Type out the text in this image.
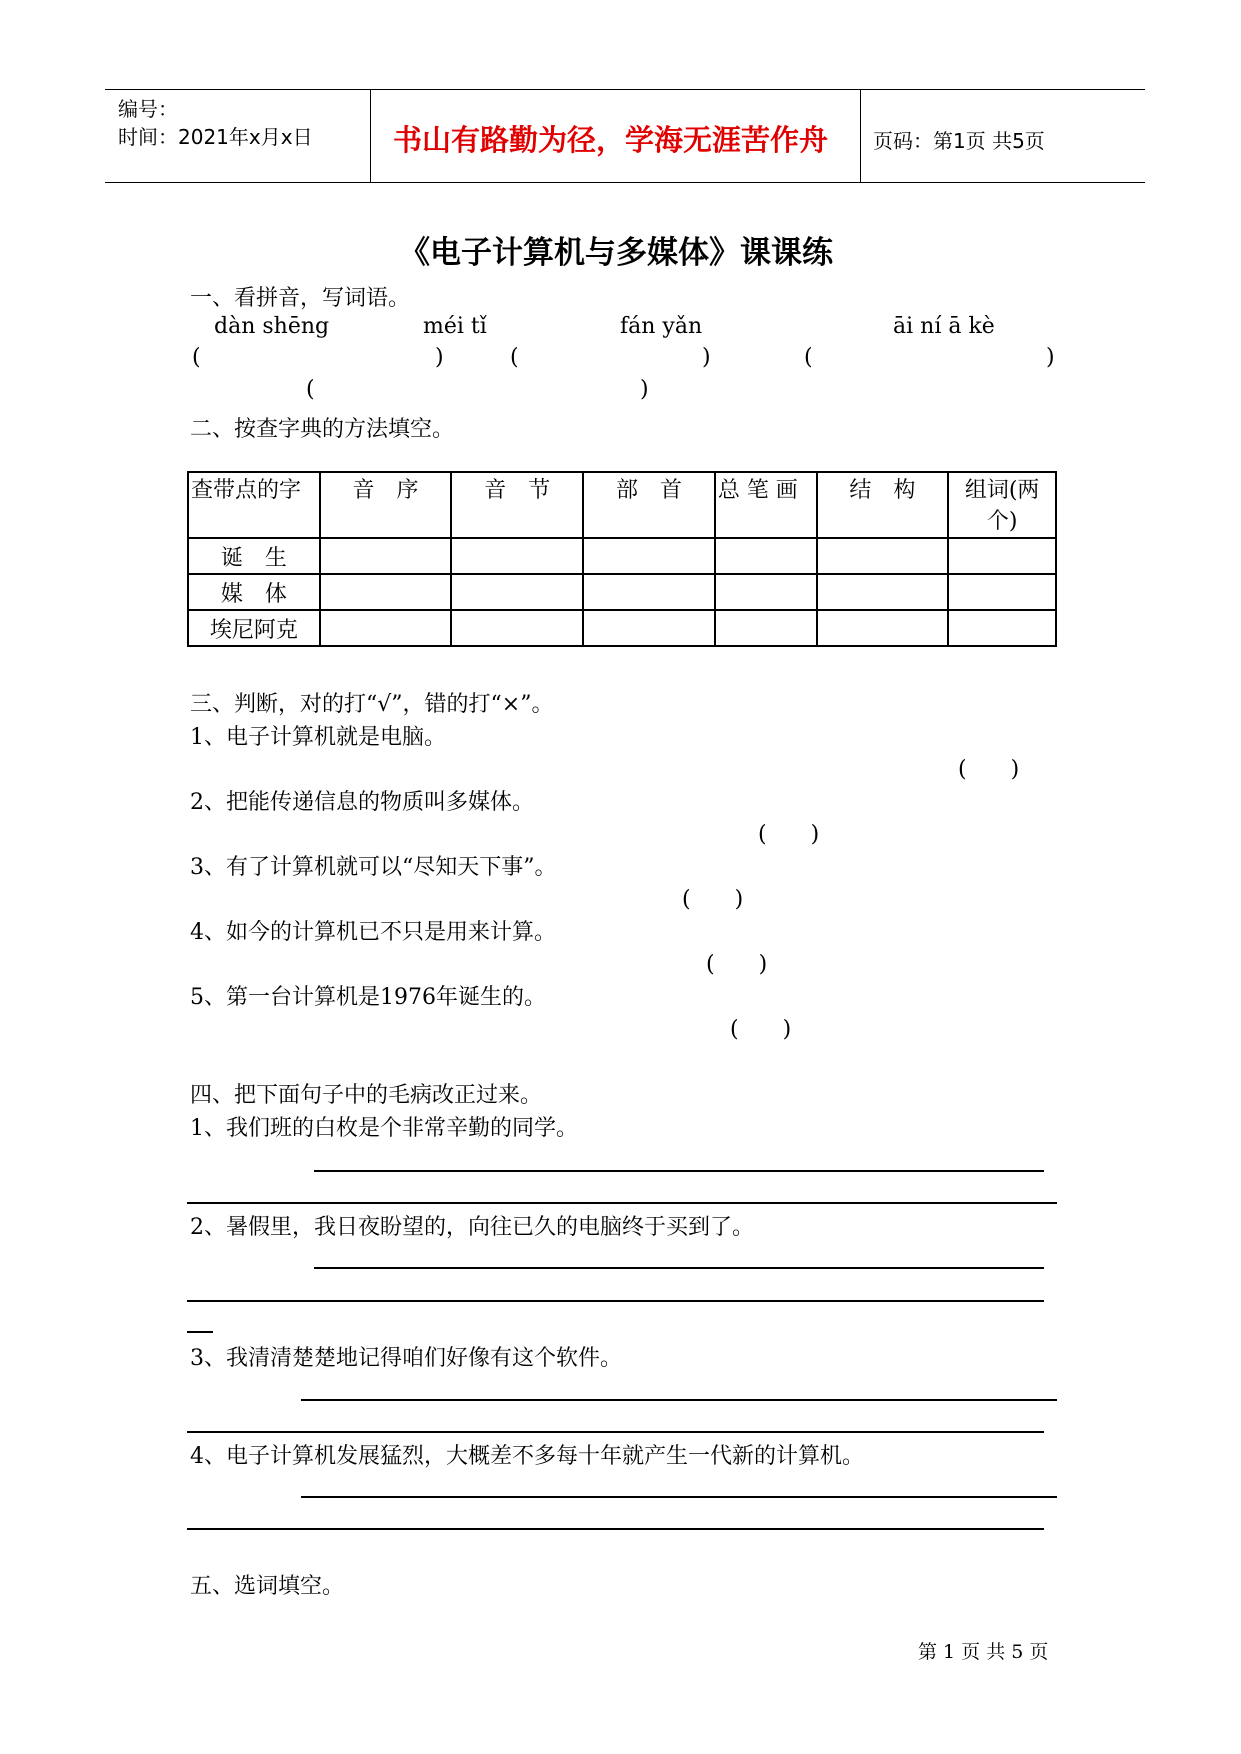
编号：
时间：2021年x月x日	书山有路勤为径，学海无涯苦作舟 页码：第1页 共5页
《电子计算机与多媒体》课课练
一、看拼音，写词语。
dàn shēng	méi tǐ	fán yǎn	āi ní ā kè
(	)	(	)	(	)
(	)
二、按查字典的方法填空。
查带点的字	音　序	音　节	部　首	总 笔 画	结　构	组词(两个)
诞　生						
媒　体						
埃尼阿克						
三、判断，对的打“√”，错的打“×”。
1、电子计算机就是电脑。
(　　)
2、把能传递信息的物质叫多媒体。
(　　)
3、有了计算机就可以“尽知天下事”。
(　　)
4、如今的计算机已不只是用来计算。
(　　)
5、第一台计算机是1976年诞生的。
(　　)
四、把下面句子中的毛病改正过来。
1、我们班的白枚是个非常辛勤的同学。
2、暑假里，我日夜盼望的，向往已久的电脑终于买到了。
3、我清清楚楚地记得咱们好像有这个软件。
4、电子计算机发展猛烈，大概差不多每十年就产生一代新的计算机。
五、选词填空。
第 1 页 共 5 页
